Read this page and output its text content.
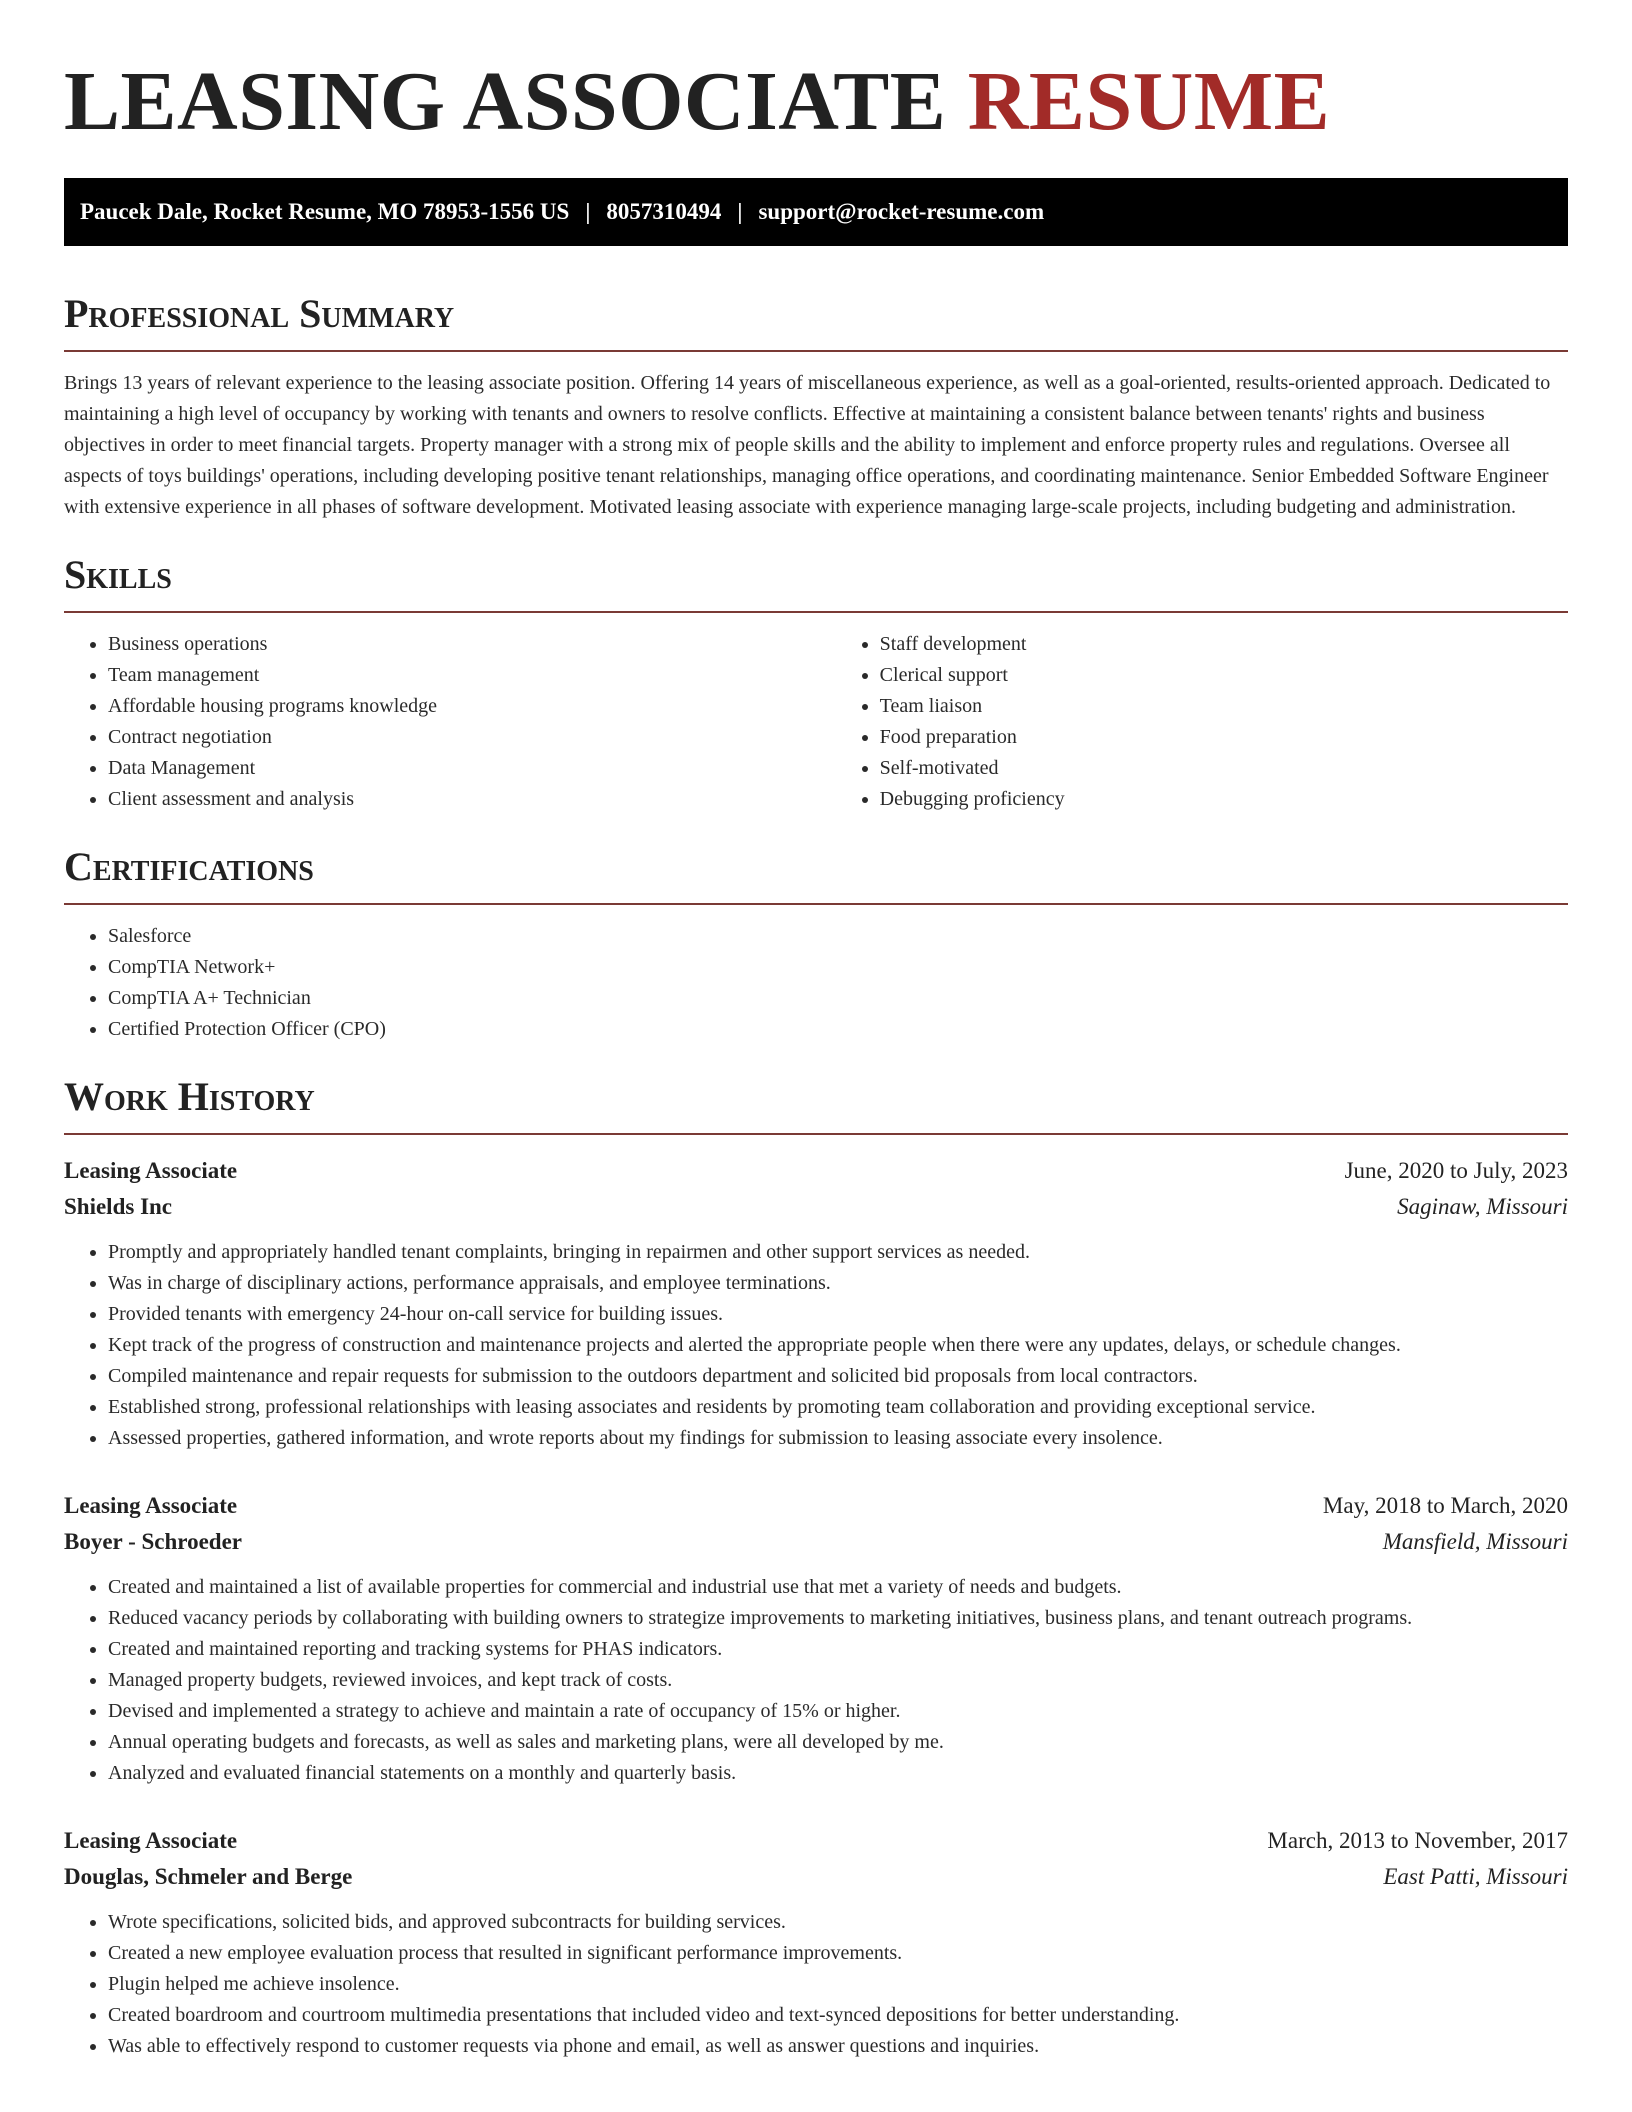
LEASING ASSOCIATE RESUME
Paucek Dale, Rocket Resume, MO 78953-1556 US | 8057310494 | support@rocket-resume.com
Professional Summary

Brings 13 years of relevant experience to the leasing associate position. Offering 14 years of miscellaneous experience, as well as a goal-oriented, results-oriented approach. Dedicated to maintaining a high level of occupancy by working with tenants and owners to resolve conflicts. Effective at maintaining a consistent balance between tenants' rights and business objectives in order to meet financial targets. Property manager with a strong mix of people skills and the ability to implement and enforce property rules and regulations. Oversee all aspects of toys buildings' operations, including developing positive tenant relationships, managing office operations, and coordinating maintenance. Senior Embedded Software Engineer with extensive experience in all phases of software development. Motivated leasing associate with experience managing large-scale projects, including budgeting and administration.

Skills
• Business operations
• Team management
• Affordable housing programs knowledge
• Contract negotiation
• Data Management
• Client assessment and analysis
• Staff development
• Clerical support
• Team liaison
• Food preparation
• Self-motivated
• Debugging proficiency
Certifications
• Salesforce
• CompTIA Network+
• CompTIA A+ Technician
• Certified Protection Officer (CPO)
Work History
Leasing Associate	June, 2020 to July, 2023
Shields Inc	Saginaw, Missouri
• Promptly and appropriately handled tenant complaints, bringing in repairmen and other support services as needed.
• Was in charge of disciplinary actions, performance appraisals, and employee terminations.
• Provided tenants with emergency 24-hour on-call service for building issues.
• Kept track of the progress of construction and maintenance projects and alerted the appropriate people when there were any updates, delays, or schedule changes.
• Compiled maintenance and repair requests for submission to the outdoors department and solicited bid proposals from local contractors.
• Established strong, professional relationships with leasing associates and residents by promoting team collaboration and providing exceptional service.
• Assessed properties, gathered information, and wrote reports about my findings for submission to leasing associate every insolence.
Leasing Associate	May, 2018 to March, 2020
Boyer - Schroeder	Mansfield, Missouri
• Created and maintained a list of available properties for commercial and industrial use that met a variety of needs and budgets.
• Reduced vacancy periods by collaborating with building owners to strategize improvements to marketing initiatives, business plans, and tenant outreach programs.
• Created and maintained reporting and tracking systems for PHAS indicators.
• Managed property budgets, reviewed invoices, and kept track of costs.
• Devised and implemented a strategy to achieve and maintain a rate of occupancy of 15% or higher.
• Annual operating budgets and forecasts, as well as sales and marketing plans, were all developed by me.
• Analyzed and evaluated financial statements on a monthly and quarterly basis.
Leasing Associate	March, 2013 to November, 2017
Douglas, Schmeler and Berge	East Patti, Missouri
• Wrote specifications, solicited bids, and approved subcontracts for building services.
• Created a new employee evaluation process that resulted in significant performance improvements.
• Plugin helped me achieve insolence.
• Created boardroom and courtroom multimedia presentations that included video and text-synced depositions for better understanding.
• Was able to effectively respond to customer requests via phone and email, as well as answer questions and inquiries.
